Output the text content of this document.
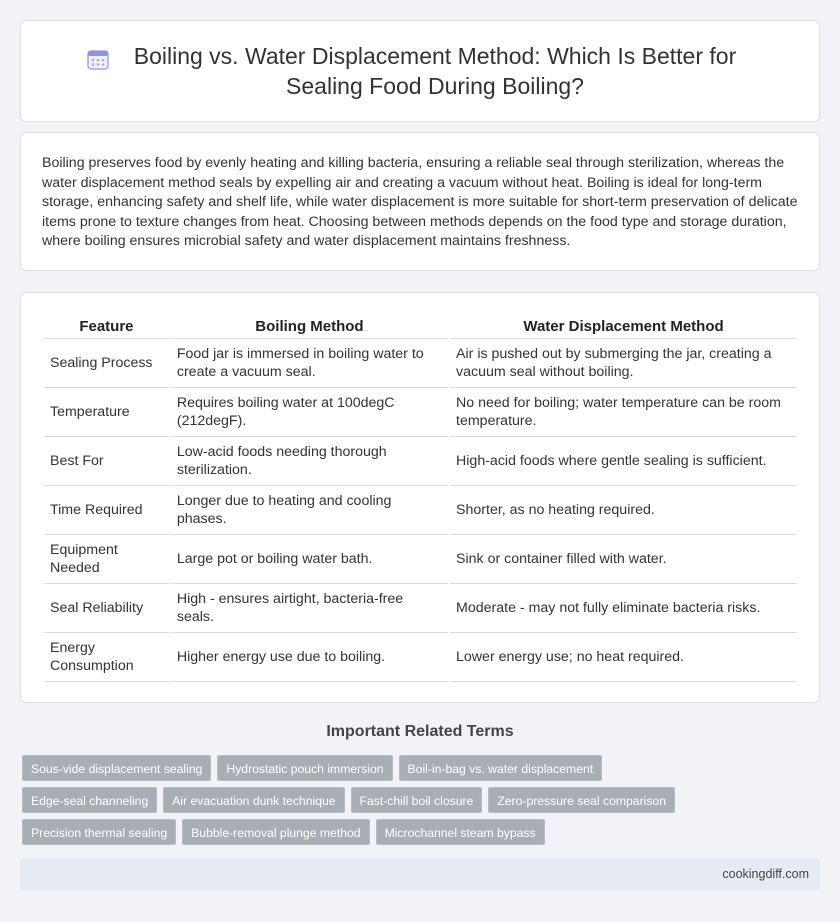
Boiling vs. Water Displacement Method: Which Is Better for Sealing Food During Boiling?

Boiling preserves food by evenly heating and killing bacteria, ensuring a reliable seal through sterilization, whereas the water displacement method seals by expelling air and creating a vacuum without heat. Boiling is ideal for long-term storage, enhancing safety and shelf life, while water displacement is more suitable for short-term preservation of delicate items prone to texture changes from heat. Choosing between methods depends on the food type and storage duration, where boiling ensures microbial safety and water displacement maintains freshness.

Feature	Boiling Method	Water Displacement Method
Sealing Process	Food jar is immersed in boiling water to create a vacuum seal.	Air is pushed out by submerging the jar, creating a vacuum seal without boiling.
Temperature	Requires boiling water at 100degC (212degF).	No need for boiling; water temperature can be room temperature.
Best For	Low-acid foods needing thorough sterilization.	High-acid foods where gentle sealing is sufficient.
Time Required	Longer due to heating and cooling phases.	Shorter, as no heating required.
Equipment Needed	Large pot or boiling water bath.	Sink or container filled with water.
Seal Reliability	High - ensures airtight, bacteria-free seals.	Moderate - may not fully eliminate bacteria risks.
Energy Consumption	Higher energy use due to boiling.	Lower energy use; no heat required.
Important Related Terms
Sous-vide displacement sealing	Hydrostatic pouch immersion	Boil-in-bag vs. water displacement
Edge-seal channeling	Air evacuation dunk technique	Fast-chill boil closure	Zero-pressure seal comparison
Precision thermal sealing	Bubble-removal plunge method	Microchannel steam bypass
cookingdiff.com
